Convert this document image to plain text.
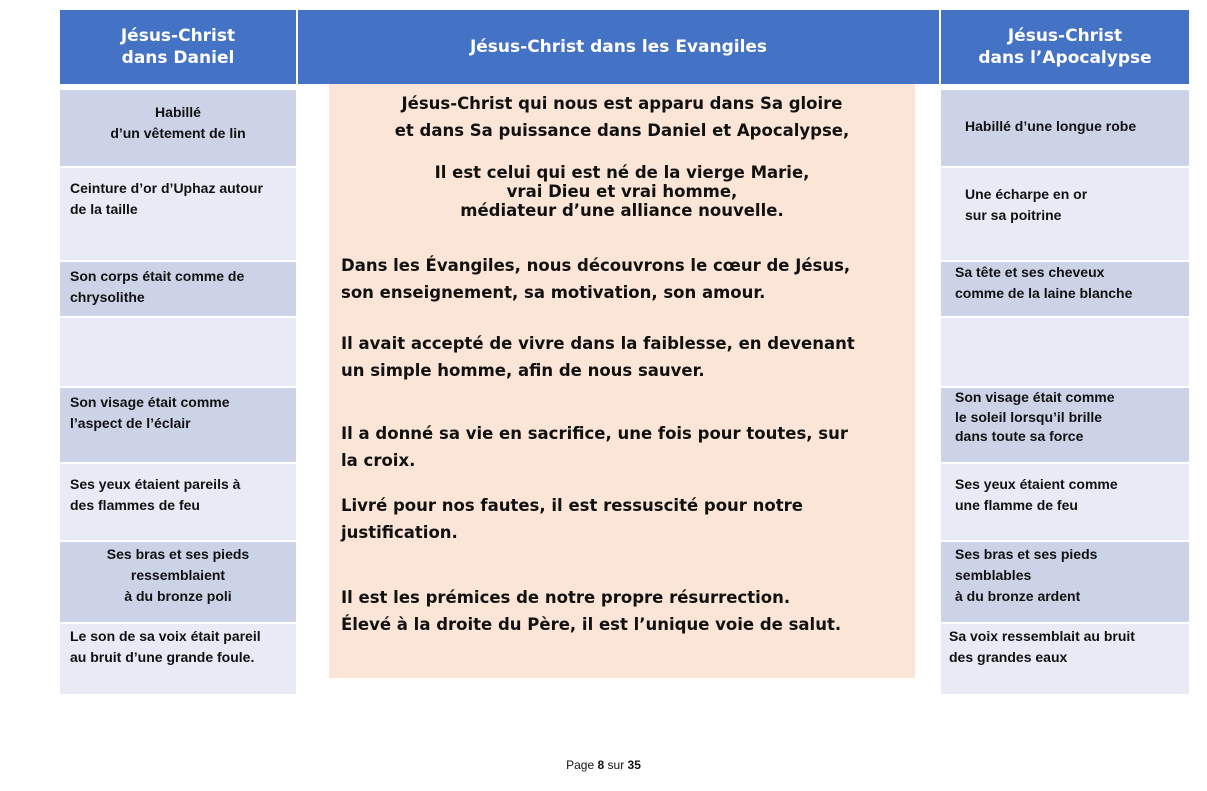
Jésus-Christ
dans Daniel
Jésus-Christ dans les Evangiles
Jésus-Christ
dans l’Apocalypse
Habillé
d’un vêtement de lin
Ceinture d’or d’Uphaz autour
de la taille
Son corps était comme de
chrysolithe
Son visage était comme
l’aspect de l’éclair
Ses yeux étaient pareils à
des flammes de feu
Ses bras et ses pieds
ressemblaient
à du bronze poli
Le son de sa voix était pareil
au bruit d’une grande foule.
Jésus-Christ qui nous est apparu dans Sa gloire
et dans Sa puissance dans Daniel et Apocalypse,
Il est celui qui est né de la vierge Marie,
vrai Dieu et vrai homme,
médiateur d’une alliance nouvelle.
Dans les Évangiles, nous découvrons le cœur de Jésus,
son enseignement, sa motivation, son amour.
Il avait accepté de vivre dans la faiblesse, en devenant
un simple homme, afin de nous sauver.
Il a donné sa vie en sacrifice, une fois pour toutes, sur
la croix.
Livré pour nos fautes, il est ressuscité pour notre
justification.
Il est les prémices de notre propre résurrection.
Élevé à la droite du Père, il est l’unique voie de salut.
Habillé d’une longue robe
Une écharpe en or
sur sa poitrine
Sa tête et ses cheveux
comme de la laine blanche
Son visage était comme
le soleil lorsqu’il brille
dans toute sa force
Ses yeux étaient comme
une flamme de feu
Ses bras et ses pieds
semblables
à du bronze ardent
Sa voix ressemblait au bruit
des grandes eaux
Page 8 sur 35
